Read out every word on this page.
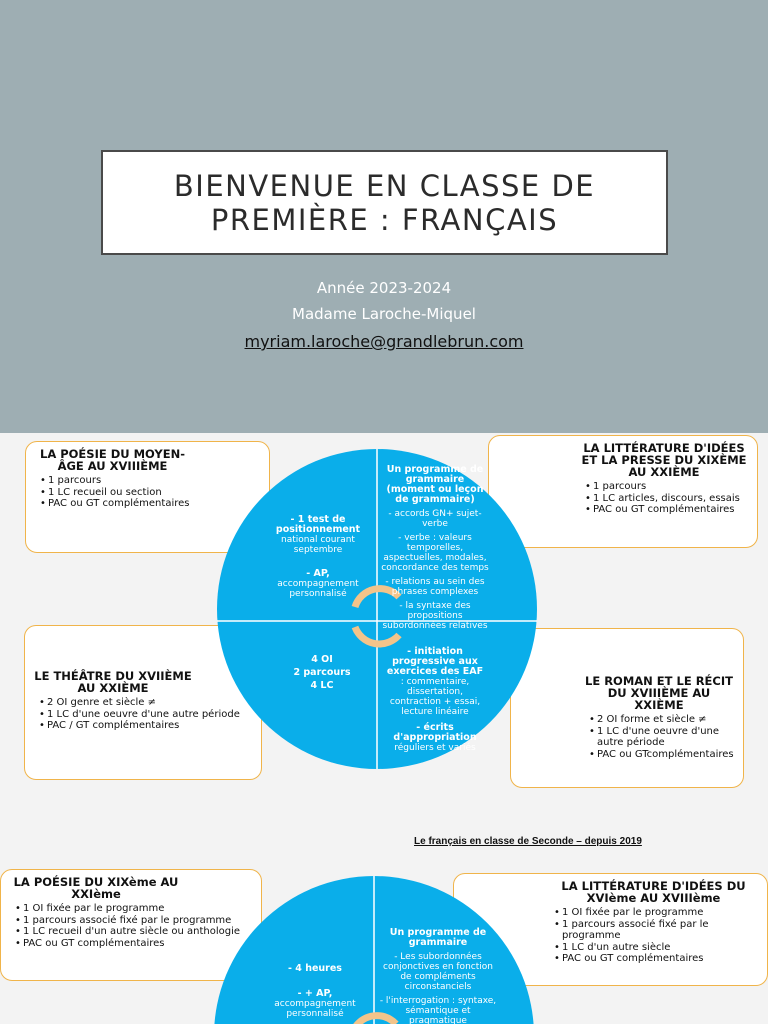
BIENVENUE EN CLASSE DE
PREMIÈRE : FRANÇAIS
Année 2023-2024
Madame Laroche-Miquel
myriam.laroche@grandlebrun.com
LA POÉSIE DU MOYEN-ÂGE AU XVIIIÈME
• 1 parcours
• 1 LC recueil ou section
• PAC ou GT complémentaires
LA LITTÉRATURE D'IDÉES ET LA PRESSE DU XIXÈME AU XXIÈME
• 1 parcours
• 1 LC articles, discours, essais
• PAC ou GT complémentaires
LE THÉÂTRE DU XVIIÈME AU XXIÈME
• 2 OI genre et siècle ≠
• 1 LC d'une oeuvre d'une autre période
• PAC / GT complémentaires
LE ROMAN ET LE RÉCIT DU XVIIIÈME AU XXIÈME
• 2 OI forme et siècle ≠
• 1 LC d'une oeuvre d'une autre période
• PAC ou GTcomplémentaires
- 1 test de positionnement
national courant septembre
- AP,
accompagnement personnalisé
Un programme de grammaire (moment ou leçon de grammaire)
- accords GN+ sujet-verbe
- verbe : valeurs temporelles, aspectuelles, modales, concordance des temps
- relations au sein des phrases complexes
- la syntaxe des propositions subordonnées relatives
4 OI
2 parcours
4 LC
- initiation progressive aux exercices des EAF
: commentaire, dissertation, contraction + essai, lecture linéaire
- écrits d'appropriation
réguliers et variés
Le français en classe de Seconde – depuis 2019
LA POÉSIE DU XIXème AU XXIème
• 1 OI fixée par le programme
• 1 parcours associé fixé par le programme
• 1 LC recueil d'un autre siècle ou anthologie
• PAC ou GT complémentaires
LA LITTÉRATURE D'IDÉES DU XVIème AU XVIIIème
• 1 OI fixée par le programme
• 1 parcours associé fixé par le programme
• 1 LC d'un autre siècle
• PAC ou GT complémentaires
- 4 heures
- + AP,
accompagnement personnalisé
Un programme de grammaire
- Les subordonnées conjonctives en fonction de compléments circonstanciels
- l'interrogation : syntaxe, sémantique et pragmatique
